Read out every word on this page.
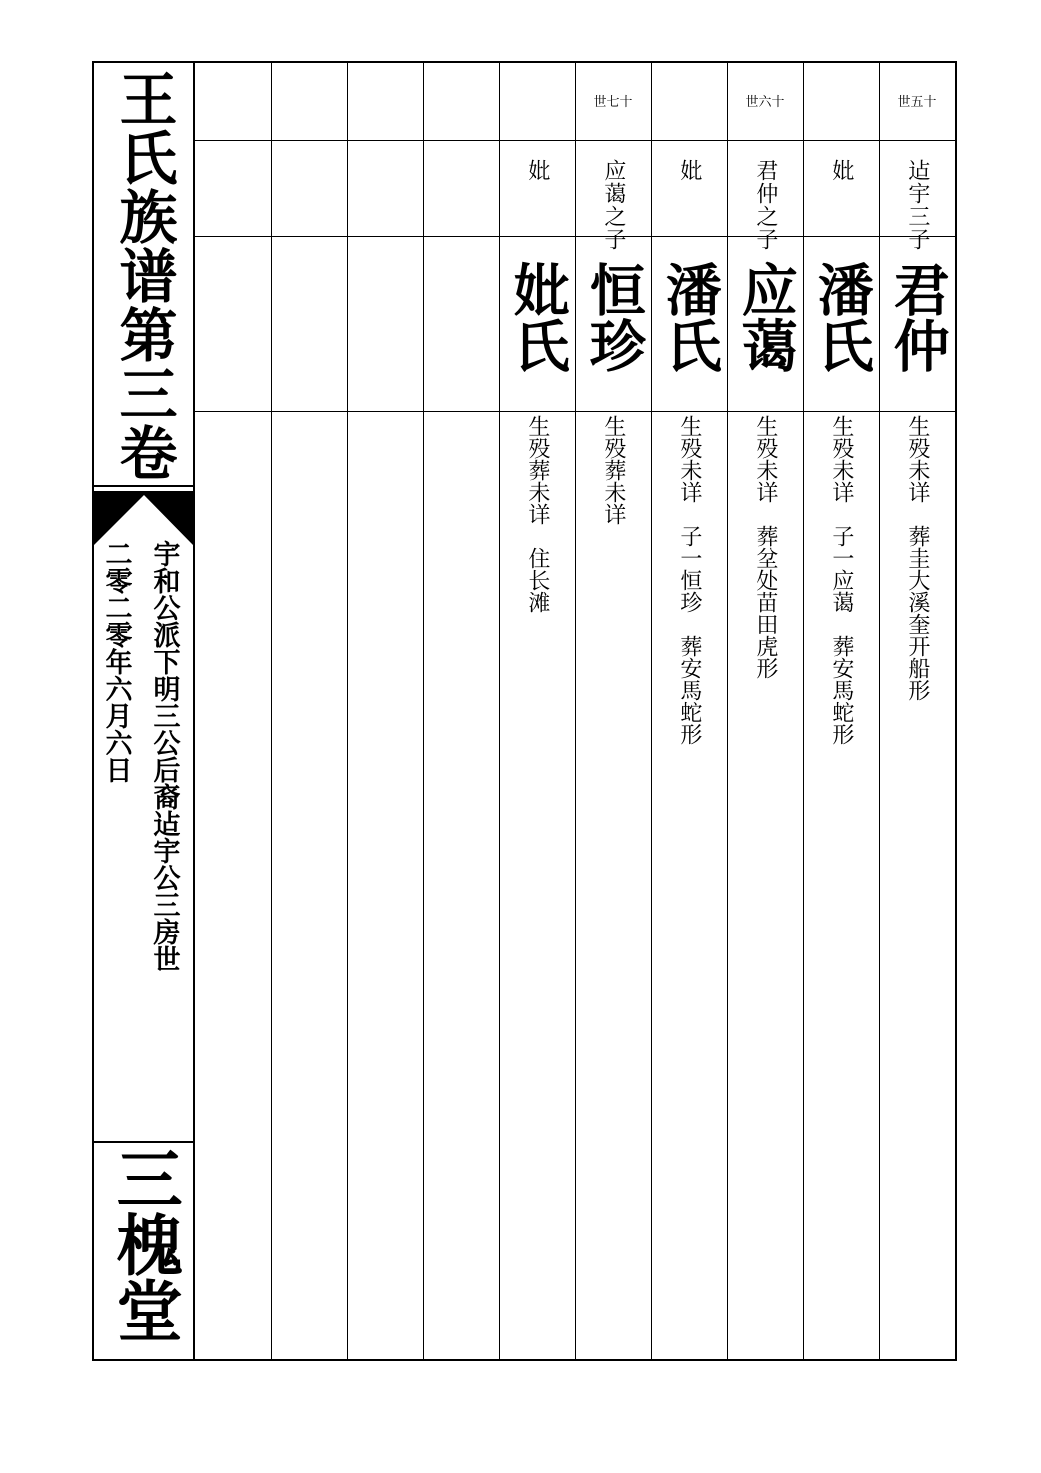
王氏族谱第三卷
宇和公派下明三公后裔迠宇公三房世
二零二零年六月六日
三槐堂
世五十
迠宇三子
君仲
生殁未详　葬圭大溪奎开船形
妣
潘氏
生殁未详　子一应蔼　葬安馬蛇形
世六十
君仲之子
应蔼
生殁未详　葬坌处苗田虎形
妣
潘氏
生殁未详　子一恒珍　葬安馬蛇形
世七十
应蔼之子
恒珍
生殁葬未详
妣
妣氏
生殁葬未详　住长滩
